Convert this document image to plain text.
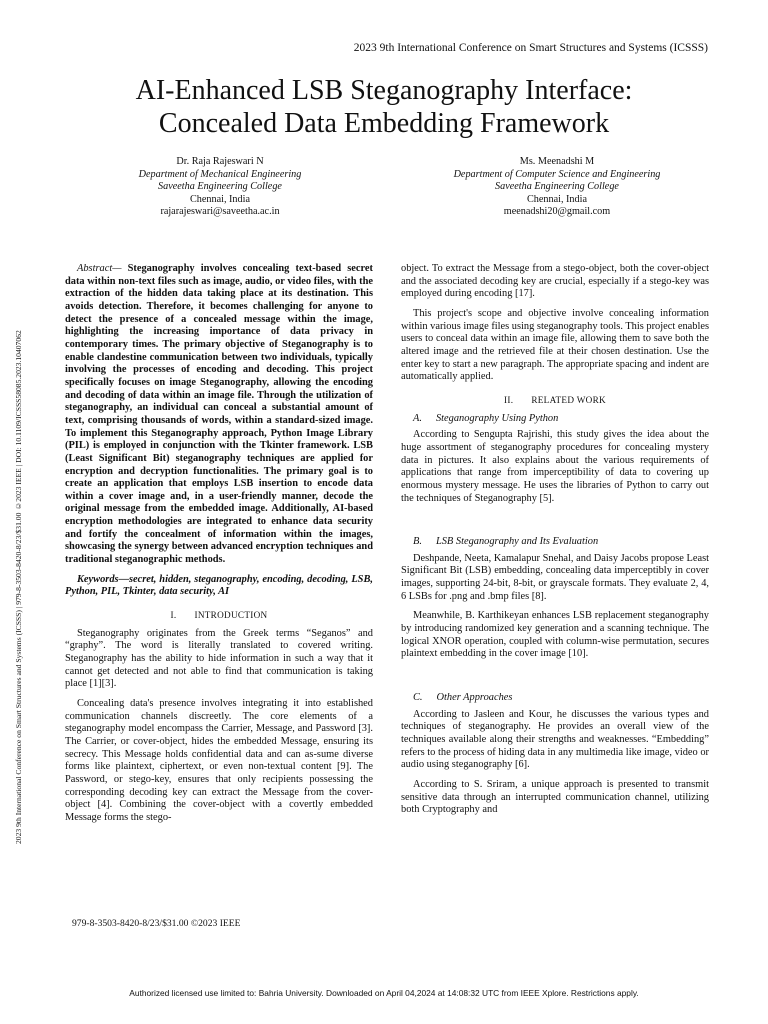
2023 9th International Conference on Smart Structures and Systems (ICSSS)
AI-Enhanced LSB Steganography Interface:
Concealed Data Embedding Framework
Dr. Raja Rajeswari N
Department of Mechanical Engineering
Saveetha Engineering College
Chennai, India
rajarajeswari@saveetha.ac.in
Ms. Meenadshi M
Department of Computer Science and Engineering
Saveetha Engineering College
Chennai, India
meenadshi20@gmail.com
2023 9th International Conference on Smart Structures and Systems (ICSSS) | 979-8-3503-8420-8/23/$31.00 ©2023 IEEE | DOI: 10.1109/ICSSS58085.2023.10407062

Abstract— Steganography involves concealing text-based secret data within non-text files such as image, audio, or video files, with the extraction of the hidden data taking place at its destination. This avoids detection. Therefore, it becomes challenging for anyone to detect the presence of a concealed message within the image, highlighting the increasing importance of data privacy in contemporary times. The primary objective of Steganography is to enable clandestine communication between two individuals, typically involving the processes of encoding and decoding. This project specifically focuses on image Steganography, allowing the encoding and decoding of data within an image file. Through the utilization of steganography, an individual can conceal a substantial amount of text, comprising thousands of words, within a standard-sized image. To implement this Steganography approach, Python Image Library (PIL) is employed in conjunction with the Tkinter framework. LSB (Least Significant Bit) steganography techniques are applied for encryption and decryption functionalities. The primary goal is to create an application that employs LSB insertion to encode data within a cover image and, in a user-friendly manner, decode the original message from the embedded image. Additionally, AI-based encryption methodologies are integrated to enhance data security and fortify the concealment of information within the images, showcasing the synergy between advanced encryption techniques and traditional steganographic methods.

Keywords—secret, hidden, steganography, encoding, decoding, LSB, Python, PIL, Tkinter, data security, AI

I. INTRODUCTION

Steganography originates from the Greek terms “Seganos” and “graphy”. The word is literally translated to covered writing. Steganography has the ability to hide information in such a way that it cannot get detected and not able to find that communication is taking place [1][3].

Concealing data's presence involves integrating it into established communication channels discreetly. The core elements of a steganography model encompass the Carrier, Message, and Password [3]. The Carrier, or cover-object, hides the embedded Message, ensuring its secrecy. This Message holds confidential data and can as-sume diverse forms like plaintext, ciphertext, or even non-textual content [9]. The Password, or stego-key, ensures that only recipients possessing the corresponding decoding key can extract the Message from the cover-object [4]. Combining the cover-object with a covertly embedded Message forms the stego-

object. To extract the Message from a stego-object, both the cover-object and the associated decoding key are crucial, especially if a stego-key was employed during encoding [17].

This project's scope and objective involve concealing information within various image files using steganography tools. This project enables users to conceal data within an image file, allowing them to save both the altered image and the retrieved file at their chosen destination. Use the enter key to start a new paragraph. The appropriate spacing and indent are automatically applied.

II. RELATED WORK
A. Steganography Using Python

According to Sengupta Rajrishi, this study gives the idea about the huge assortment of steganography procedures for concealing mystery data in pictures. It also explains about the various requirements of applications that range from imperceptibility of data to covering up enormous mystery message. He uses the libraries of Python to carry out the techniques of Steganography [5].

B. LSB Steganography and Its Evaluation

Deshpande, Neeta, Kamalapur Snehal, and Daisy Jacobs propose Least Significant Bit (LSB) embedding, concealing data imperceptibly in cover images, supporting 24-bit, 8-bit, or grayscale formats. They evaluate 2, 4, 6 LSBs for .png and .bmp files [8].

Meanwhile, B. Karthikeyan enhances LSB replacement steganography by introducing randomized key generation and a scanning technique. The logical XNOR operation, coupled with column-wise permutation, secures plaintext embedding in the cover image [10].

C. Other Approaches

According to Jasleen and Kour, he discusses the various types and techniques of steganography. He provides an overall view of the techniques available along their strengths and weaknesses. “Embedding” refers to the process of hiding data in any multimedia like image, video or audio using steganography [6].

According to S. Sriram, a unique approach is presented to transmit sensitive data through an interrupted communication channel, utilizing both Cryptography and

979-8-3503-8420-8/23/$31.00 ©2023 IEEE
Authorized licensed use limited to: Bahria University. Downloaded on April 04,2024 at 14:08:32 UTC from IEEE Xplore. Restrictions apply.
